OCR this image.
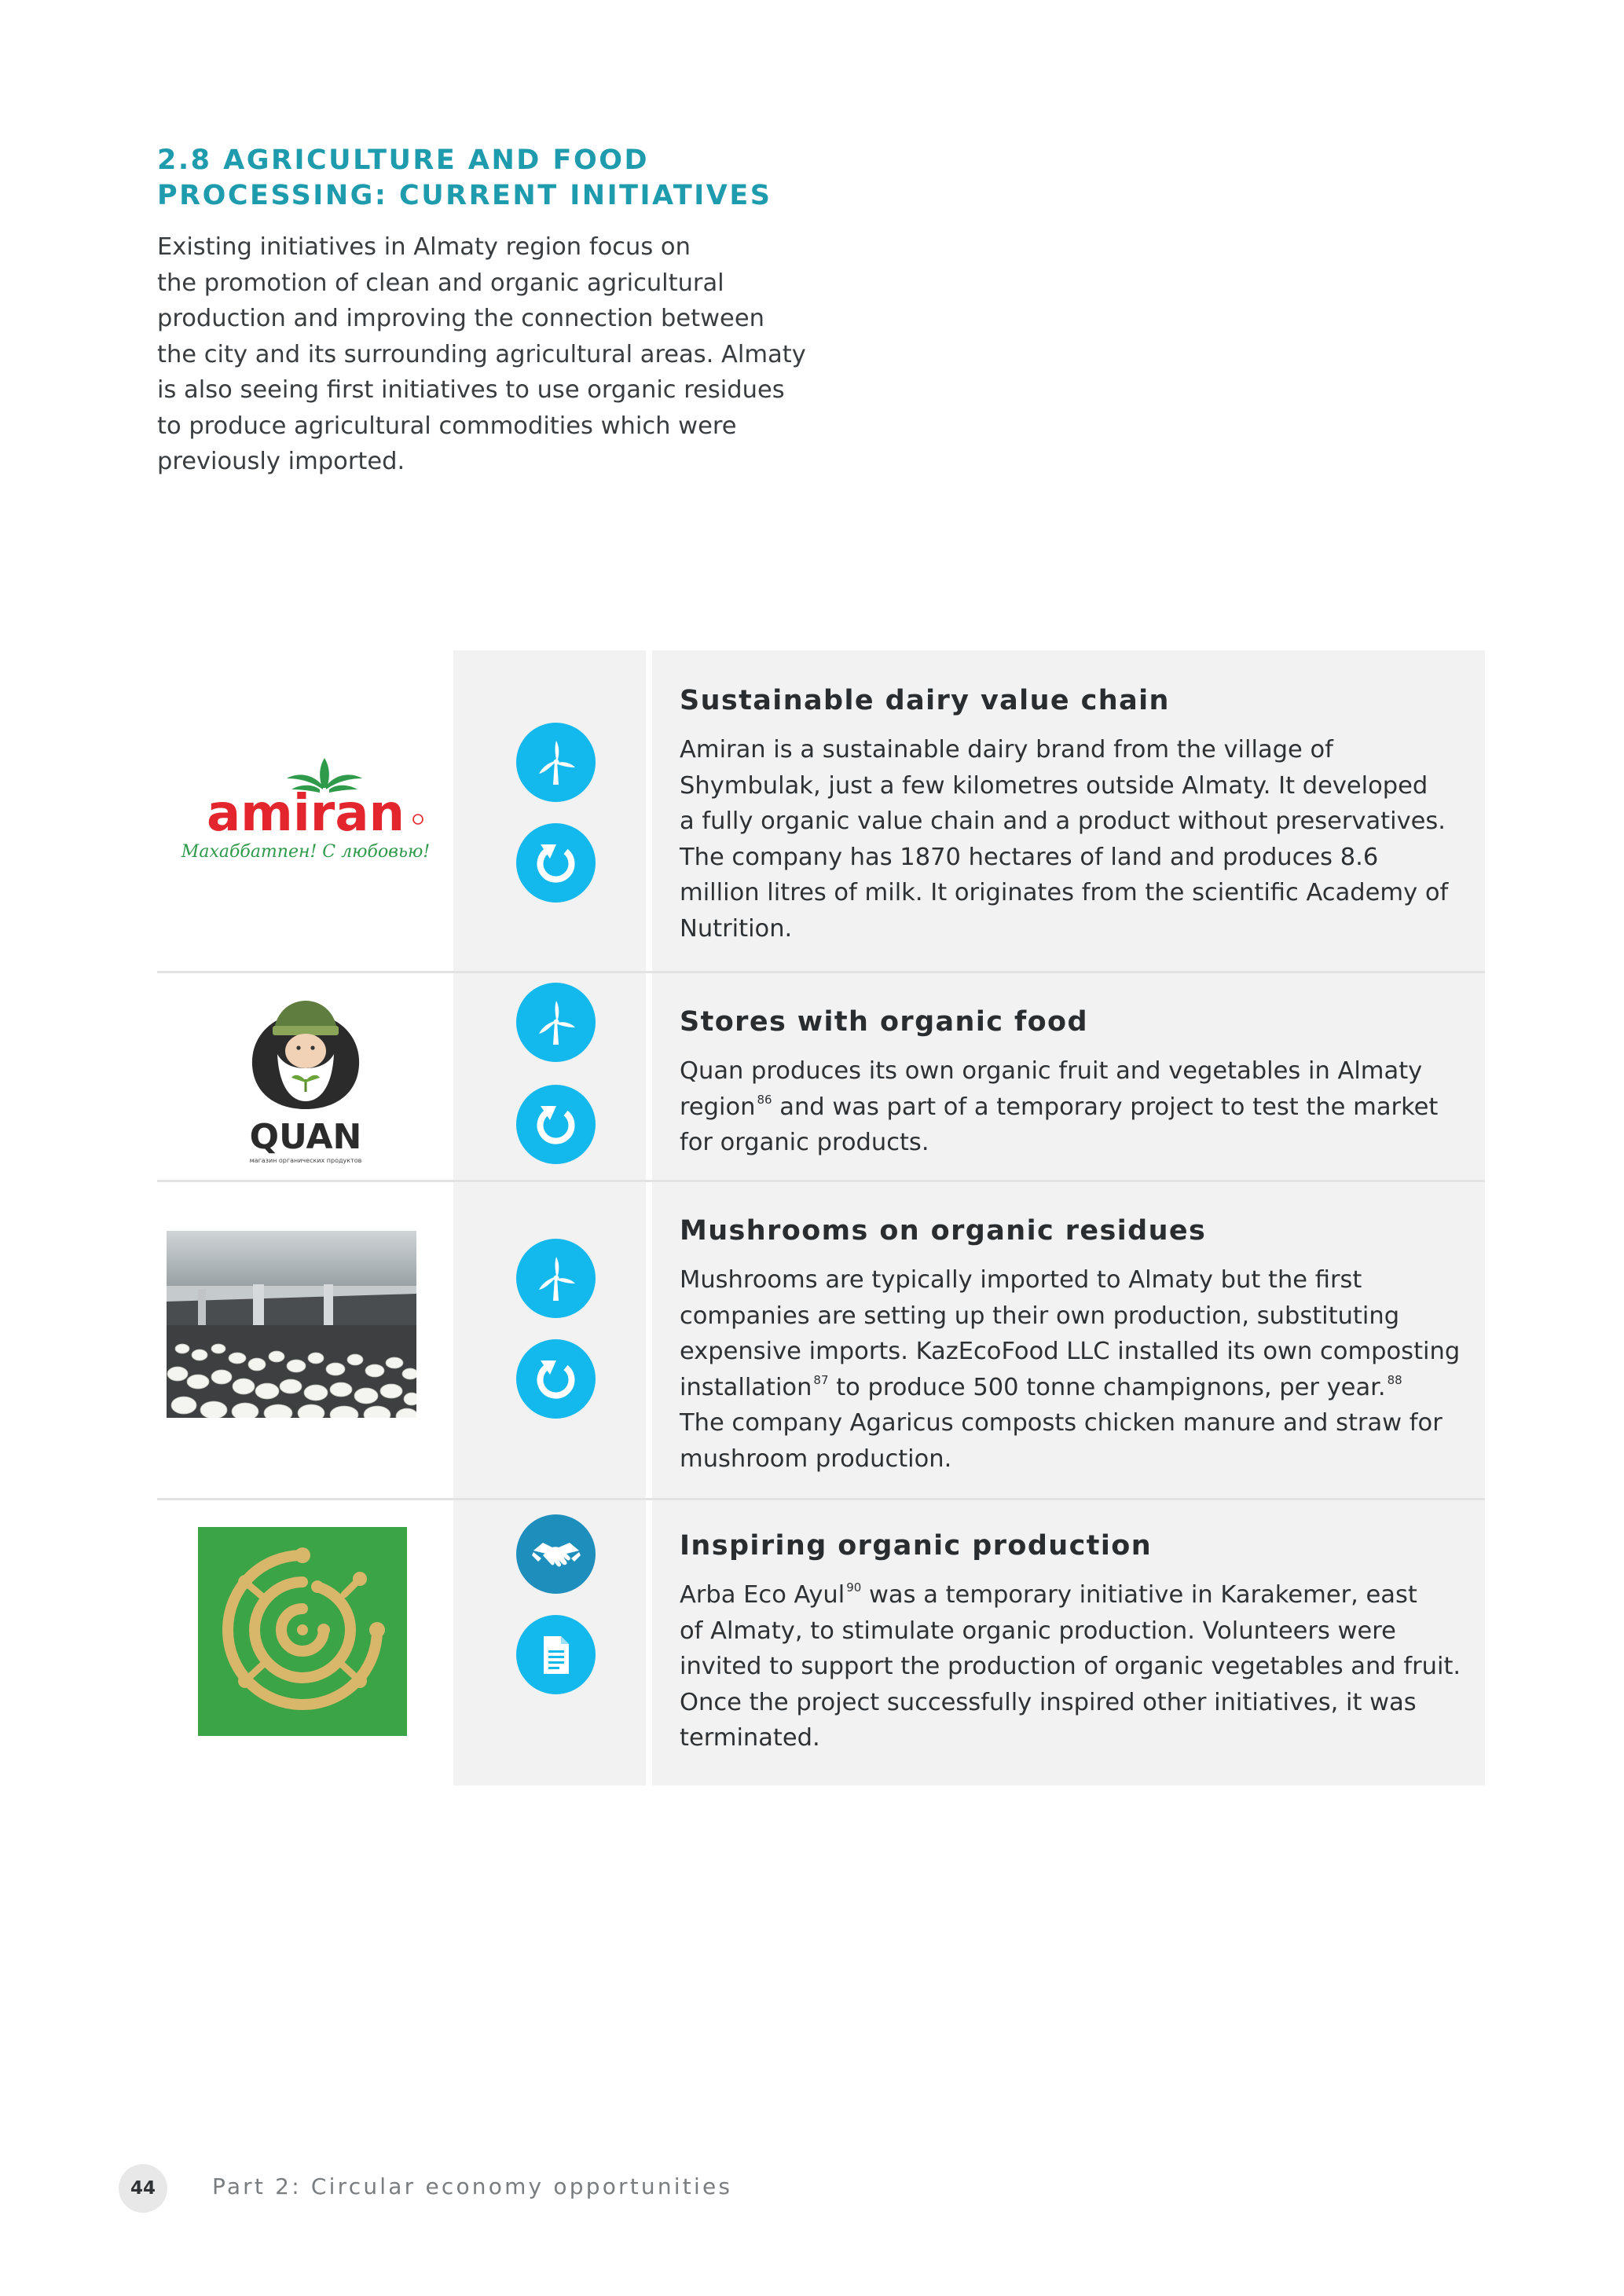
2.8 AGRICULTURE AND FOOD
PROCESSING: CURRENT INITIATIVES

Existing initiatives in Almaty region focus on
the promotion of clean and organic agricultural
production and improving the connection between
the city and its surrounding agricultural areas. Almaty
is also seeing first initiatives to use organic residues
to produce agricultural commodities which were
previously imported.

amiran
Махаббатпен! С любовью!
Sustainable dairy value chain

Amiran is a sustainable dairy brand from the village of
Shymbulak, just a few kilometres outside Almaty. It developed
a fully organic value chain and a product without preservatives.
The company has 1870 hectares of land and produces 8.6
million litres of milk. It originates from the scientific Academy of
Nutrition.

QUAN
магазин органических продуктов
Stores with organic food

Quan produces its own organic fruit and vegetables in Almaty
region $^{86}$ and was part of a temporary project to test the market
for organic products.

Mushrooms on organic residues

Mushrooms are typically imported to Almaty but the first
companies are setting up their own production, substituting
expensive imports. KazEcoFood LLC installed its own composting
installation $^{87}$ to produce 500 tonne champignons, per year. $^{88}$
The company Agaricus composts chicken manure and straw for
mushroom production.

Inspiring organic production

Arba Eco Ayul $^{90}$ was a temporary initiative in Karakemer, east
of Almaty, to stimulate organic production. Volunteers were
invited to support the production of organic vegetables and fruit.
Once the project successfully inspired other initiatives, it was
terminated.

44	Part 2: Circular economy opportunities
